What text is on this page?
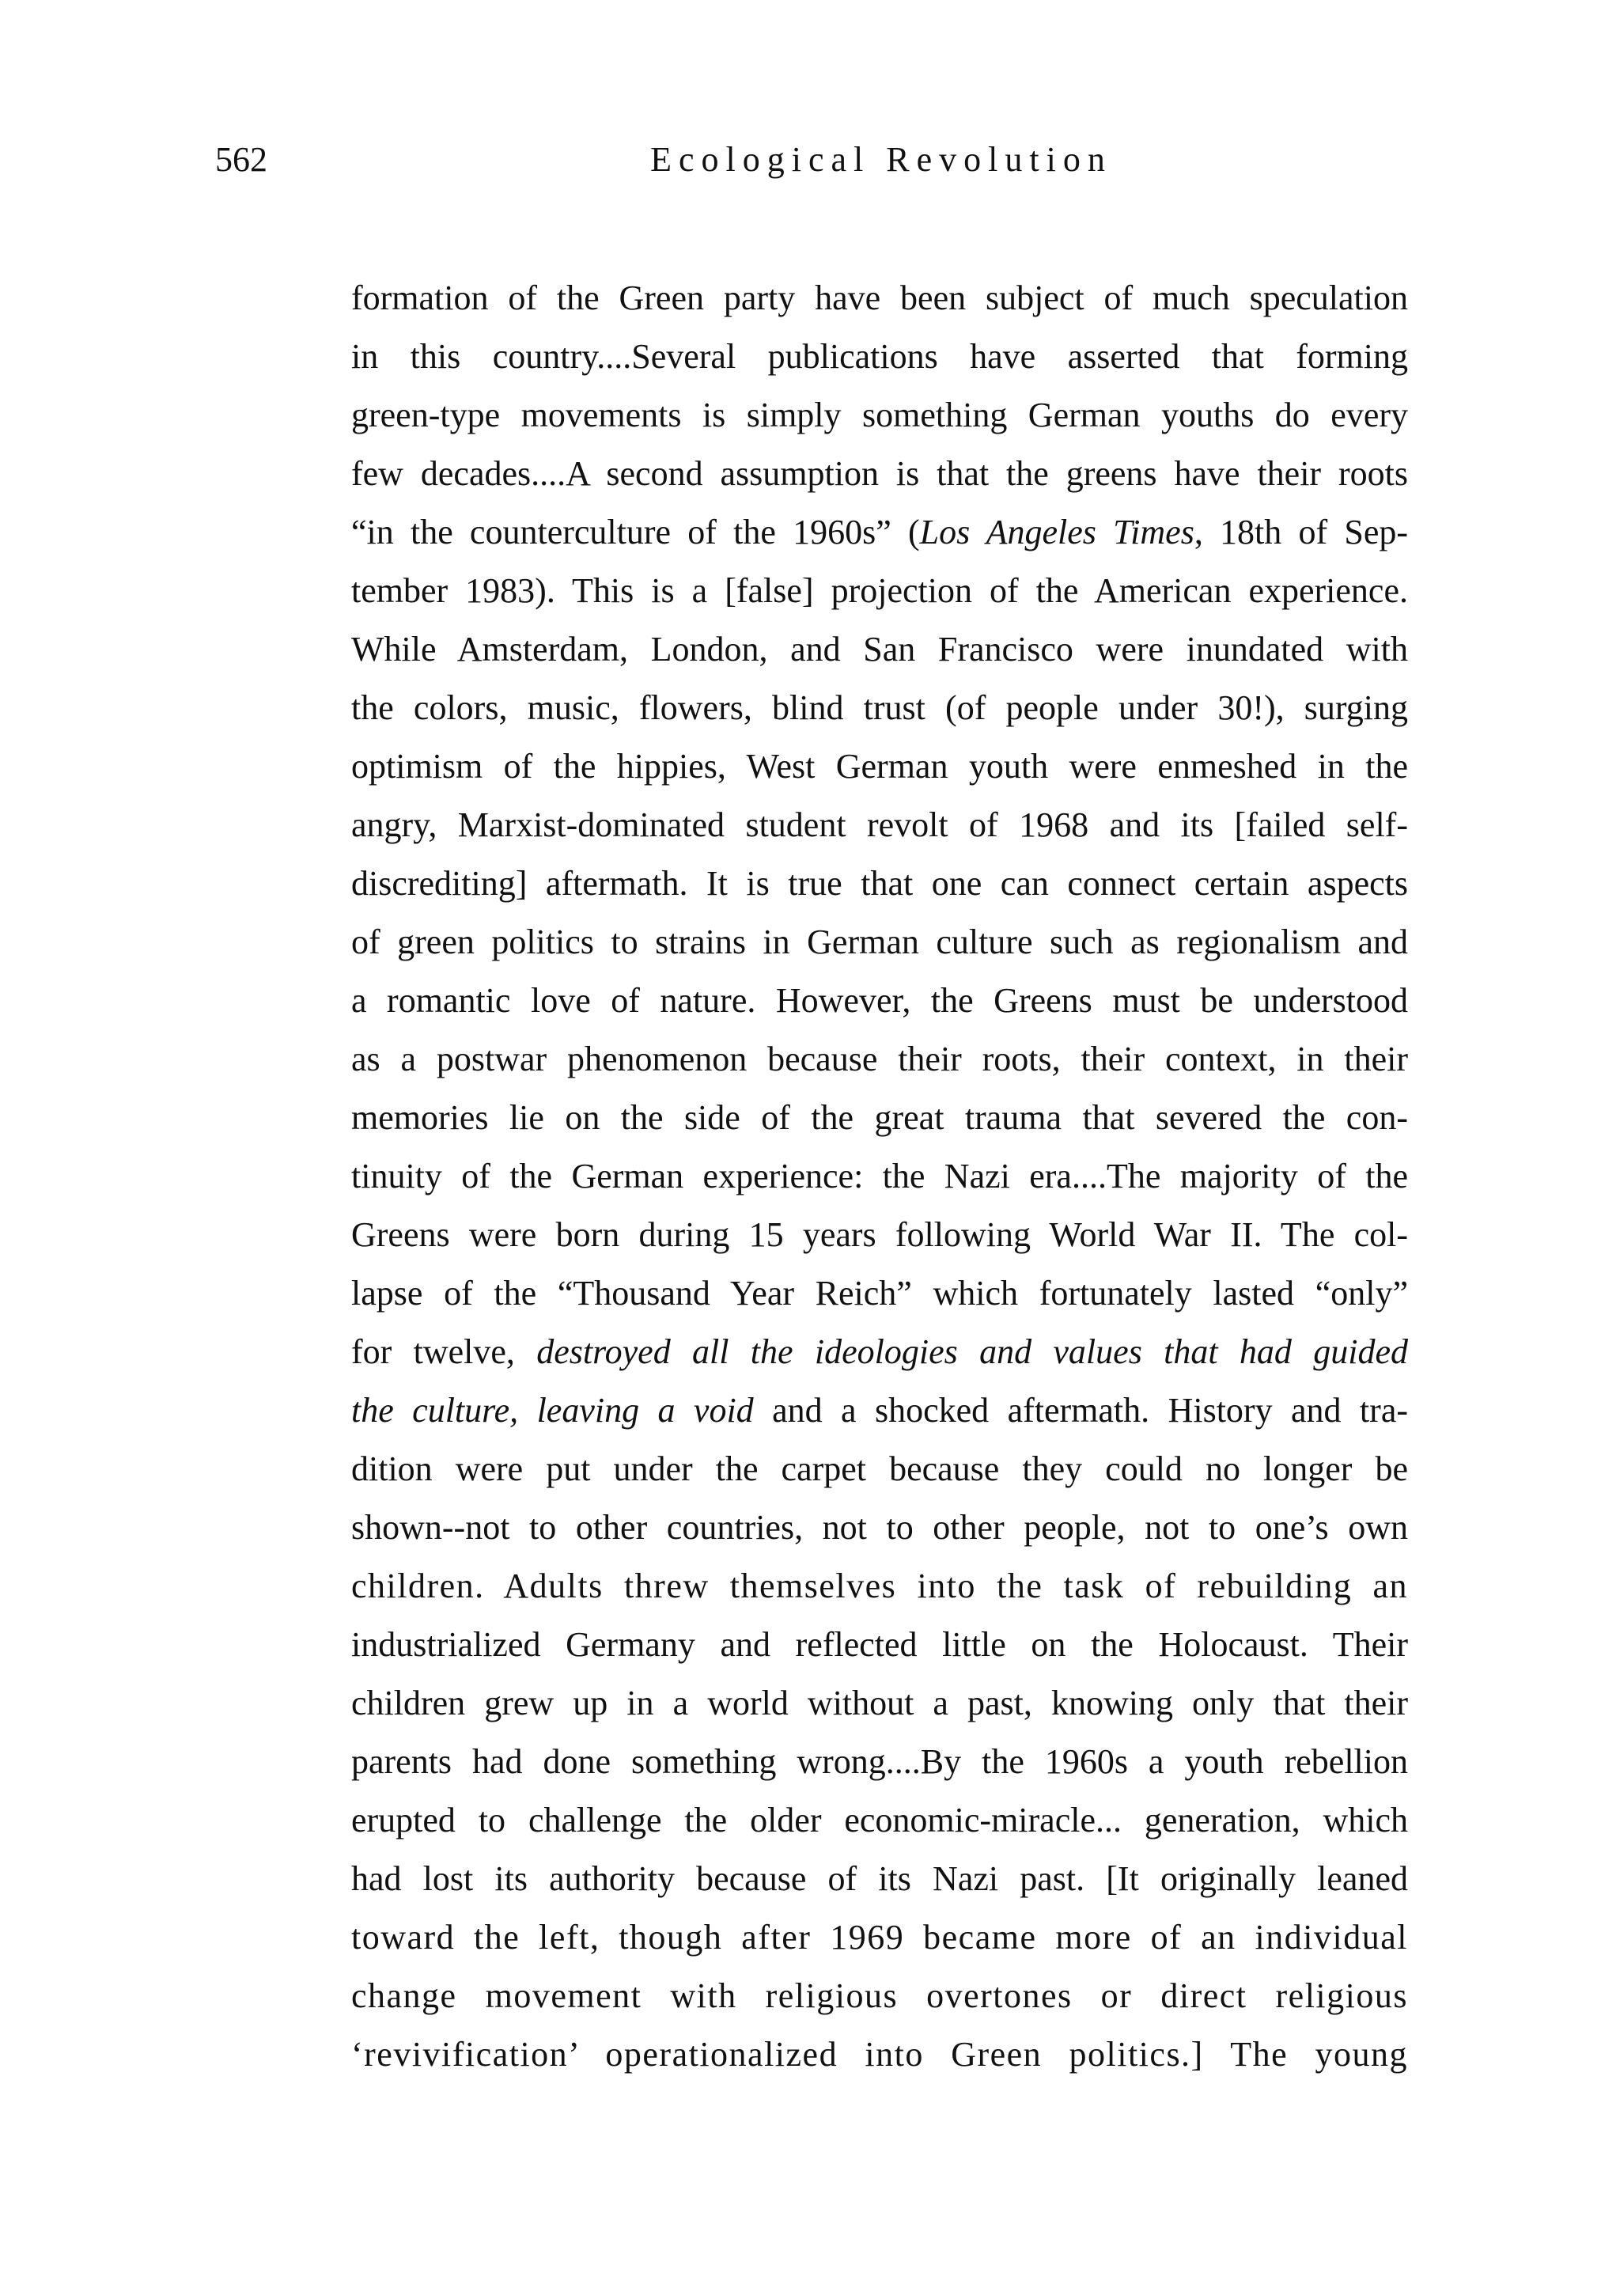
562	Ecological Revolution
formation of the Green party have been subject of much speculation
in this country....Several publications have asserted that forming
green-type movements is simply something German youths do every
few decades....A second assumption is that the greens have their roots
“in the counterculture of the 1960s” (Los Angeles Times, 18th of Sep-
tember 1983). This is a [false] projection of the American experience.
While Amsterdam, London, and San Francisco were inundated with
the colors, music, flowers, blind trust (of people under 30!), surging
optimism of the hippies, West German youth were enmeshed in the
angry, Marxist-dominated student revolt of 1968 and its [failed self-
discrediting] aftermath. It is true that one can connect certain aspects
of green politics to strains in German culture such as regionalism and
a romantic love of nature. However, the Greens must be understood
as a postwar phenomenon because their roots, their context, in their
memories lie on the side of the great trauma that severed the con-
tinuity of the German experience: the Nazi era....The majority of the
Greens were born during 15 years following World War II. The col-
lapse of the “Thousand Year Reich” which fortunately lasted “only”
for twelve, destroyed all the ideologies and values that had guided
the culture, leaving a void and a shocked aftermath. History and tra-
dition were put under the carpet because they could no longer be
shown--not to other countries, not to other people, not to one’s own
children. Adults threw themselves into the task of rebuilding an
industrialized Germany and reflected little on the Holocaust. Their
children grew up in a world without a past, knowing only that their
parents had done something wrong....By the 1960s a youth rebellion
erupted to challenge the older economic-miracle... generation, which
had lost its authority because of its Nazi past. [It originally leaned
toward the left, though after 1969 became more of an individual
change movement with religious overtones or direct religious
‘revivification’ operationalized into Green politics.] The young
